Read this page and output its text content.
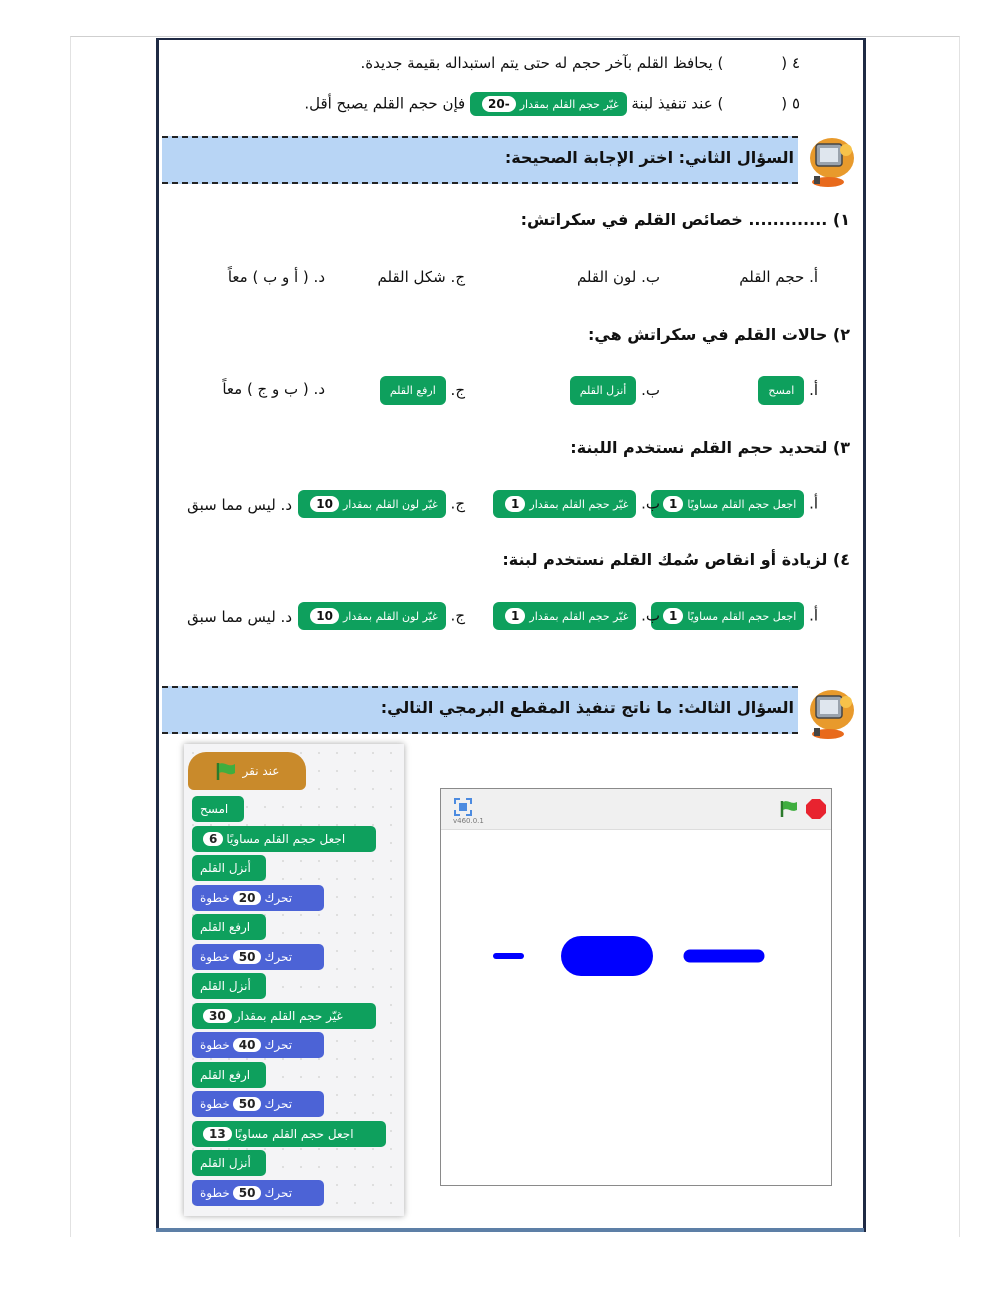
٤ () يحافظ القلم بآخر حجم له حتى يتم استبداله بقيمة جديدة.
٥ () عند تنفيذ لبنة غيّر حجم القلم بمقدار-20 فإن حجم القلم يصبح أقل.
السؤال الثاني: اختر الإجابة الصحيحة:
١) ............. خصائص القلم في سكراتش:
أ. حجم القلم
ب. لون القلم
ج. شكل القلم
د. ( أ و ب ) معاً
٢) حالات القلم في سكراتش هي:
أ. امسح
ب. أنزل القلم
ج. ارفع القلم
د. ( ب و ج ) معاً
٣) لتحديد حجم القلم نستخدم اللبنة:
أ. اجعل حجم القلم مساويًا1
ب. غيّر حجم القلم بمقدار1
ج. غيّر لون القلم بمقدار10
د. ليس مما سبق
٤) لزيادة أو انقاص سُمك القلم نستخدم لبنة:
أ. اجعل حجم القلم مساويًا1
ب. غيّر حجم القلم بمقدار1
ج. غيّر لون القلم بمقدار10
د. ليس مما سبق
السؤال الثالث: ما ناتج تنفيذ المقطع البرمجي التالي:
عند نقر
امسح
اجعل حجم القلم مساويًا
6
أنزل القلم
تحرك
20
خطوة
ارفع القلم
تحرك
50
خطوة
أنزل القلم
غيّر حجم القلم بمقدار
30
تحرك
40
خطوة
ارفع القلم
تحرك
50
خطوة
اجعل حجم القلم مساويًا
13
أنزل القلم
تحرك
50
خطوة
v460.0.1
